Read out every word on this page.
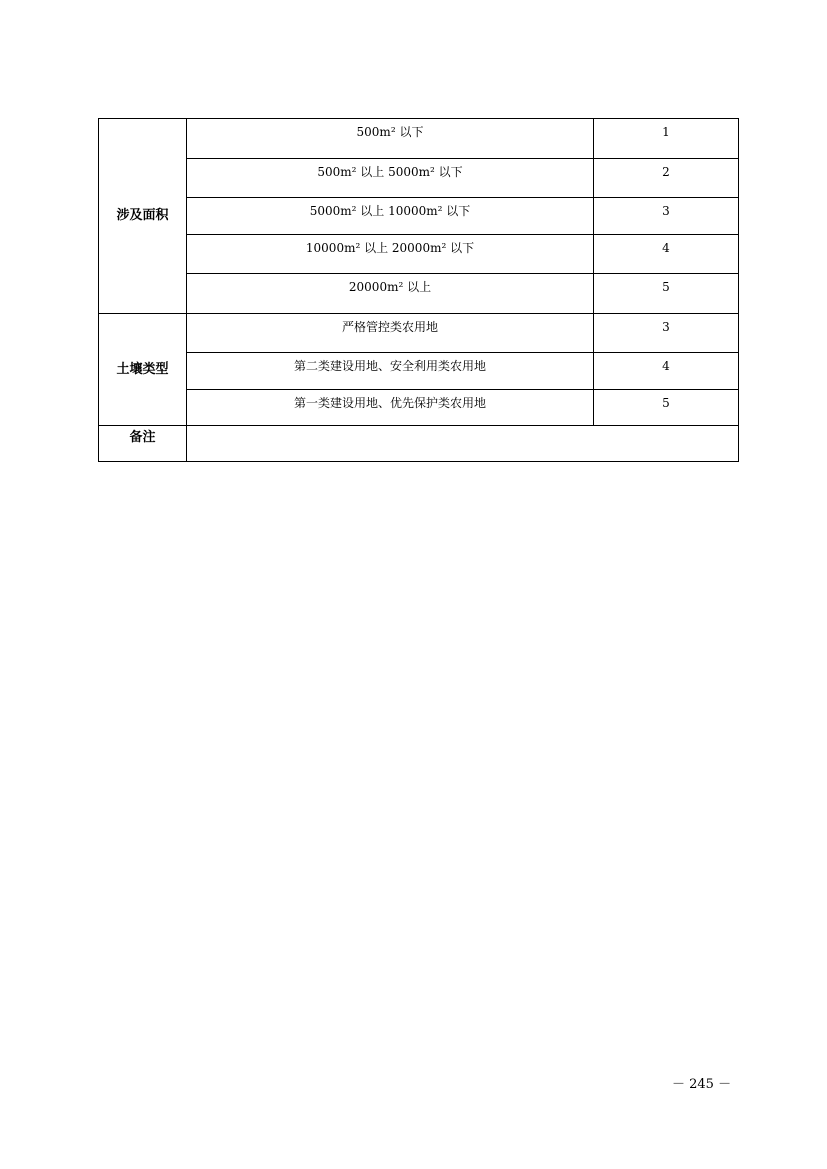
涉及面积	500m² 以下	1
	500m² 以上 5000m² 以下	2
	5000m² 以上 10000m² 以下	3
	10000m² 以上 20000m² 以下	4
	20000m² 以上	5
土壤类型	严格管控类农用地	3
	第二类建设用地、安全利用类农用地	4
	第一类建设用地、优先保护类农用地	5
备注		
－ 245 －
